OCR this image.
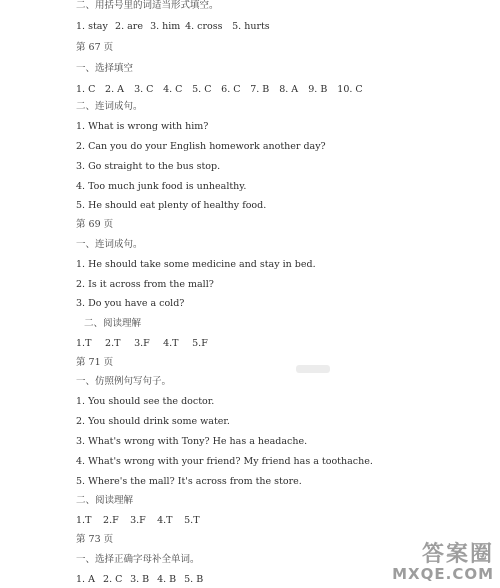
二、用括号里的词适当形式填空。
1. stay 2. are 3. him 4. cross 5. hurts
第 67 页
一、选择填空
1. C 2. A 3. C 4. C 5. C 6. C 7. B 8. A 9. B 10. C
二、连词成句。
1. What is wrong with him?
2. Can you do your English homework another day?
3. Go straight to the bus stop.
4. Too much junk food is unhealthy.
5. He should eat plenty of healthy food.
第 69 页
一、连词成句。
1. He should take some medicine and stay in bed.
2. Is it across from the mall?
3. Do you have a cold?
二、阅读理解
1.T 2.T 3.F 4.T 5.F
第 71 页
一、仿照例句写句子。
1. You should see the doctor.
2. You should drink some water.
3. What's wrong with Tony? He has a headache.
4. What's wrong with your friend? My friend has a toothache.
5. Where's the mall? It's across from the store.
二、阅读理解
1.T 2.F 3.F 4.T 5.T
第 73 页
一、选择正确字母补全单词。
1. A 2. C 3. B 4. B 5. B
答案圈
MXQE.COM
